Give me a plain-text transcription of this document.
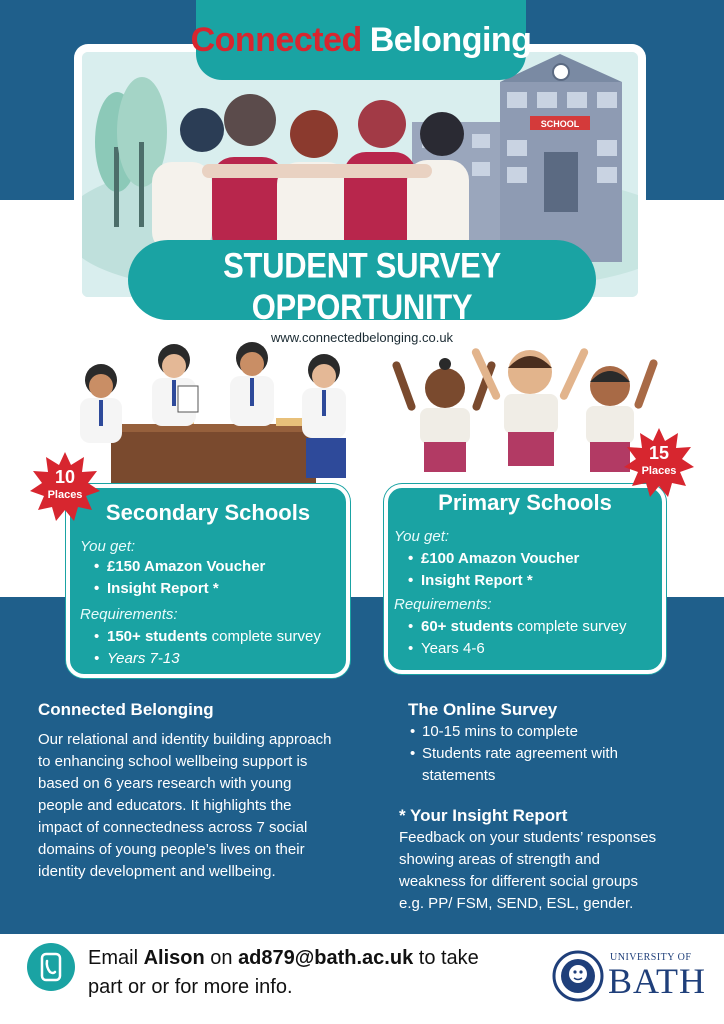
SCHOOL
Connected Belonging
STUDENT SURVEY OPPORTUNITY
www.connectedbelonging.co.uk
Secondary Schools
You get:
• £150 Amazon Voucher
• Insight Report *
Requirements:
• 150+ students complete survey
• Years 7-13
Primary Schools
You get:
• £100 Amazon Voucher
• Insight Report *
Requirements:
• 60+ students complete survey
• Years 4-6
10
Places
15
Places
Connected Belonging
Our relational and identity building approach
to enhancing school wellbeing support is
based on 6 years research with young
people and educators. It highlights the
impact of connectedness across 7 social
domains of young people’s lives on their
identity development and wellbeing.
The Online Survey
• 10-15 mins to complete
• Students rate agreement with statements
* Your Insight Report
Feedback on your students’ responses
showing areas of strength and
weakness for different social groups
e.g. PP/ FSM, SEND, ESL, gender.
Email Alison on ad879@bath.ac.uk to take part or or for more info.
UNIVERSITY OF
BATH
